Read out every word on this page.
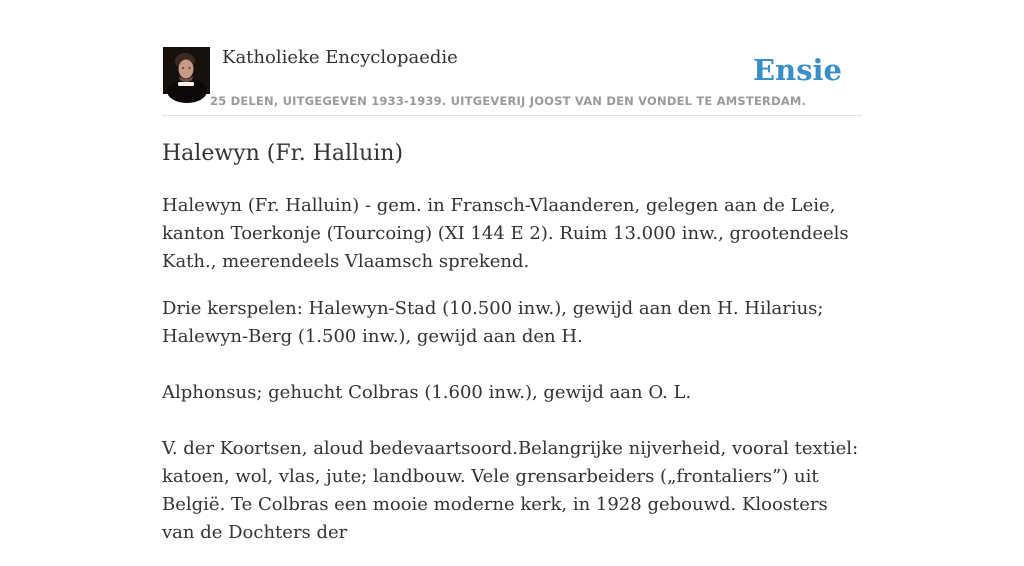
Katholieke Encyclopaedie	Ensie
25 DELEN, UITGEGEVEN 1933-1939. UITGEVERIJ JOOST VAN DEN VONDEL TE AMSTERDAM.
Halewyn (Fr. Halluin)

Halewyn (Fr. Halluin) - gem. in Fransch-Vlaanderen, gelegen aan de Leie, kanton Toerkonje (Tourcoing) (XI 144 E 2). Ruim 13.000 inw., grootendeels Kath., meerendeels Vlaamsch sprekend.

Drie kerspelen: Halewyn-Stad (10.500 inw.), gewijd aan den H. Hilarius; Halewyn-Berg (1.500 inw.), gewijd aan den H.

Alphonsus; gehucht Colbras (1.600 inw.), gewijd aan O. L.

V. der Koortsen, aloud bedevaartsoord.Belangrijke nijverheid, vooral textiel: katoen, wol, vlas, jute; landbouw. Vele grensarbeiders („frontaliers”) uit België. Te Colbras een mooie moderne kerk, in 1928 gebouwd. Kloosters van de Dochters der
